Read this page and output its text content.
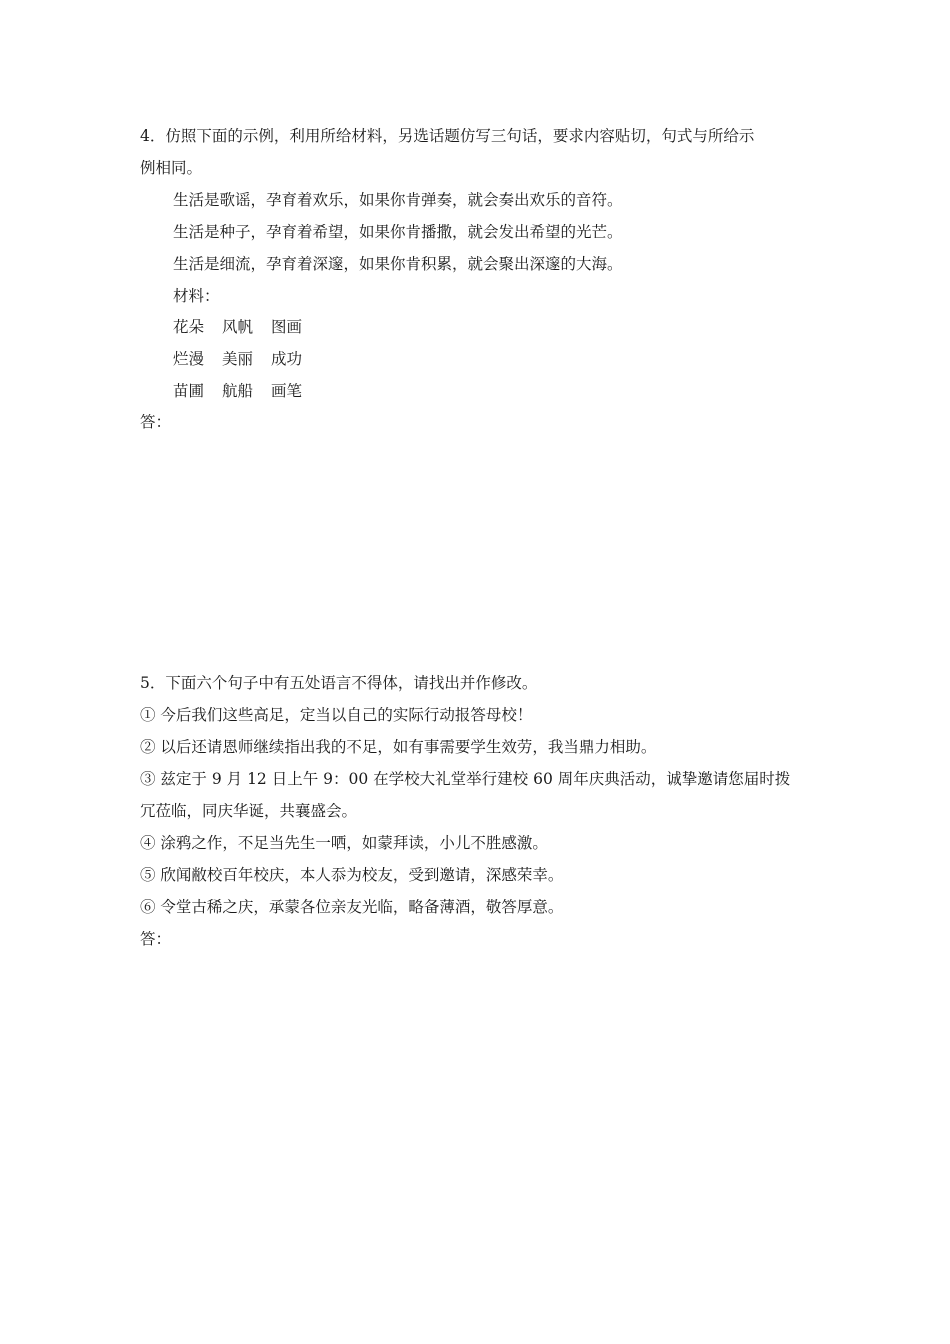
4．仿照下面的示例，利用所给材料，另选话题仿写三句话，要求内容贴切，句式与所给示
例相同。
生活是歌谣，孕育着欢乐，如果你肯弹奏，就会奏出欢乐的音符。
生活是种子，孕育着希望，如果你肯播撒，就会发出希望的光芒。
生活是细流，孕育着深邃，如果你肯积累，就会聚出深邃的大海。
材料：
花朵 风帆 图画
烂漫 美丽 成功
苗圃 航船 画笔
答：
5．下面六个句子中有五处语言不得体，请找出并作修改。
① 今后我们这些高足，定当以自己的实际行动报答母校！
② 以后还请恩师继续指出我的不足，如有事需要学生效劳，我当鼎力相助。
③ 兹定于 9 月 12 日上午 9：00 在学校大礼堂举行建校 60 周年庆典活动，诚挚邀请您届时拨
冗莅临，同庆华诞，共襄盛会。
④ 涂鸦之作，不足当先生一哂，如蒙拜读，小儿不胜感激。
⑤ 欣闻敝校百年校庆，本人忝为校友，受到邀请，深感荣幸。
⑥ 令堂古稀之庆，承蒙各位亲友光临，略备薄酒，敬答厚意。
答：
